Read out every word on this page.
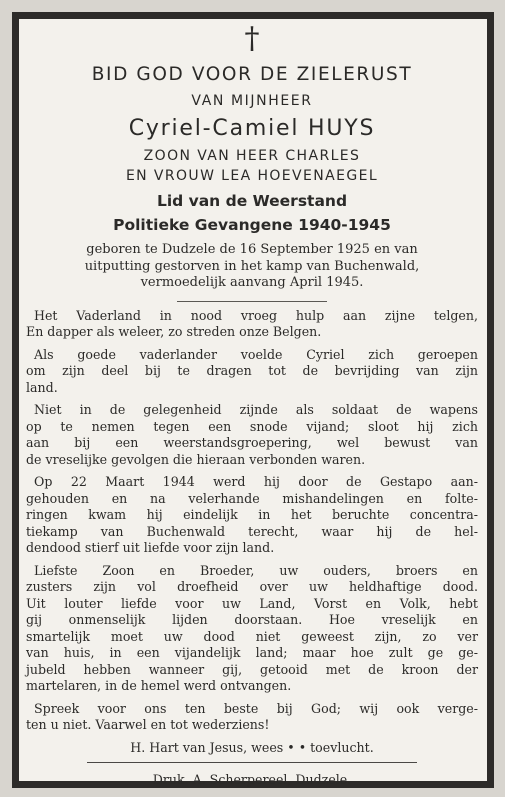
†
BID GOD VOOR DE ZIELERUST
VAN MIJNHEER
Cyriel-Camiel HUYS
ZOON VAN HEER CHARLES
EN VROUW LEA HOEVENAEGEL
Lid van de Weerstand
Politieke Gevangene 1940-1945
geboren te Dudzele de 16 September 1925 en van
uitputting gestorven in het kamp van Buchenwald,
vermoedelijk aanvang April 1945.
Het Vaderland in nood vroeg hulp aan zijne telgen,
En dapper als weleer, zo streden onze Belgen.
Als goede vaderlander voelde Cyriel zich geroepen
om zijn deel bij te dragen tot de bevrijding van zijn
land.
Niet in de gelegenheid zijnde als soldaat de wapens
op te nemen tegen een snode vijand; sloot hij zich
aan bij een weerstandsgroepering, wel bewust van
de vreselijke gevolgen die hieraan verbonden waren.
Op 22 Maart 1944 werd hij door de Gestapo aan-
gehouden en na velerhande mishandelingen en folte-
ringen kwam hij eindelijk in het beruchte concentra-
tiekamp van Buchenwald terecht, waar hij de hel-
dendood stierf uit liefde voor zijn land.
Liefste Zoon en Broeder, uw ouders, broers en
zusters zijn vol droefheid over uw heldhaftige dood.
Uit louter liefde voor uw Land, Vorst en Volk, hebt
gij onmenselijk lijden doorstaan. Hoe vreselijk en
smartelijk moet uw dood niet geweest zijn, zo ver
van huis, in een vijandelijk land; maar hoe zult ge ge-
jubeld hebben wanneer gij, getooid met de kroon der
martelaren, in de hemel werd ontvangen.
Spreek voor ons ten beste bij God; wij ook verge-
ten u niet. Vaarwel en tot wederziens!
H. Hart van Jesus, wees • • toevlucht.
Druk. A. Scherpereel, Dudzele.
